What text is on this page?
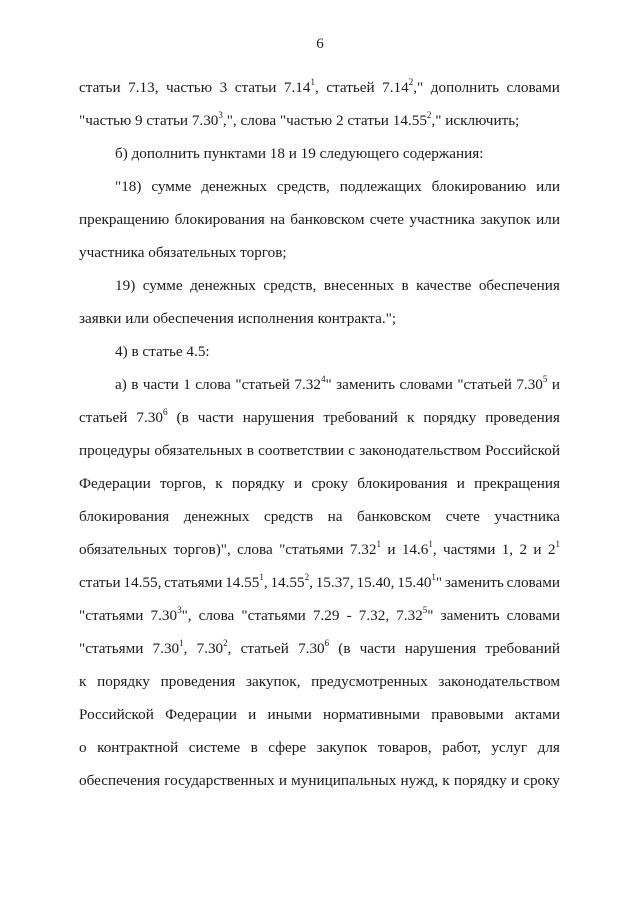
6
статьи 7.13, частью 3 статьи 7.14$^1$, статьей 7.14$^2$," дополнить словами
"частью 9 статьи 7.30$^3$,", слова "частью 2 статьи 14.55$^2$," исключить;
б) дополнить пунктами 18 и 19 следующего содержания:
"18) сумме денежных средств, подлежащих блокированию или
прекращению блокирования на банковском счете участника закупок или
участника обязательных торгов;
19) сумме денежных средств, внесенных в качестве обеспечения
заявки или обеспечения исполнения контракта.";
4) в статье 4.5:
а) в части 1 слова "статьей 7.32$^4$" заменить словами "статьей 7.30$^5$ и
статьей 7.30$^6$ (в части нарушения требований к порядку проведения
процедуры обязательных в соответствии с законодательством Российской
Федерации торгов, к порядку и сроку блокирования и прекращения
блокирования денежных средств на банковском счете участника
обязательных торгов)", слова "статьями 7.32$^1$ и 14.6$^1$, частями 1, 2 и $2^1$
статьи 14.55, статьями 14.55$^1$, 14.55$^2$, 15.37, 15.40, 15.40$^1$" заменить словами
"статьями 7.30$^3$", слова "статьями 7.29 - 7.32, 7.32$^5$" заменить словами
"статьями 7.30$^1$, 7.30$^2$, статьей 7.30$^6$ (в части нарушения требований
к порядку проведения закупок, предусмотренных законодательством
Российской Федерации и иными нормативными правовыми актами
о контрактной системе в сфере закупок товаров, работ, услуг для
обеспечения государственных и муниципальных нужд, к порядку и сроку
